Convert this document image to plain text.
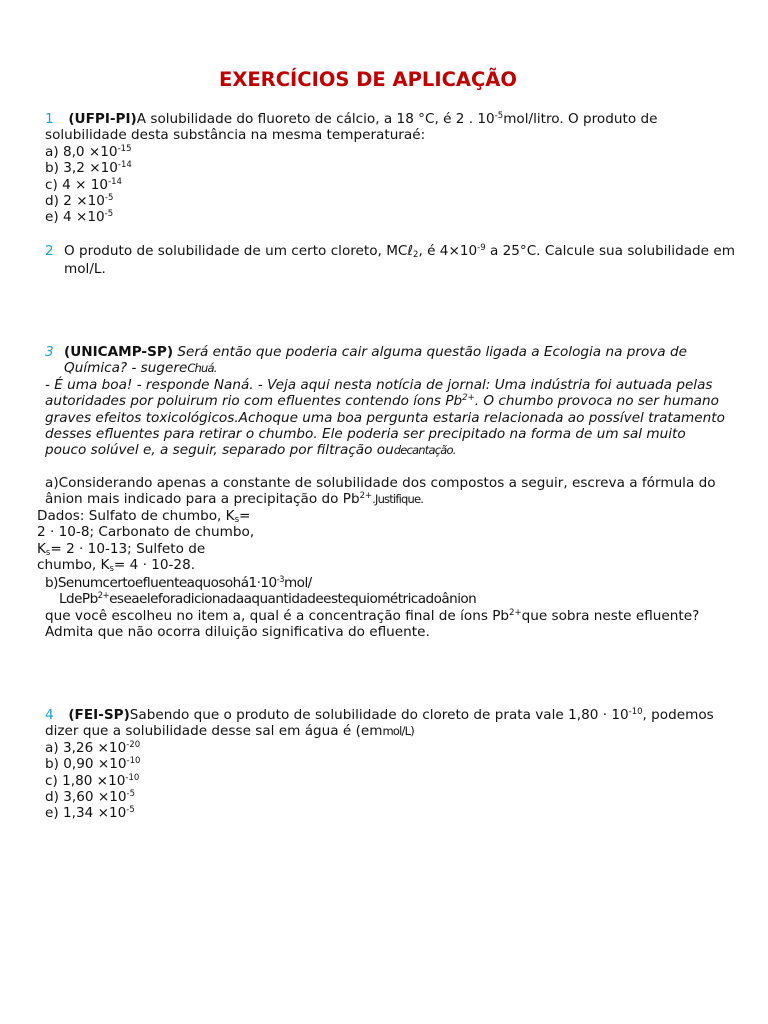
EXERCÍCIOS DE APLICAÇÃO
1 (UFPI-PI)A solubilidade do fluoreto de cálcio, a 18 °C, é 2 . $10^{-5}mol$/litro. O produto de
solubilidade desta substância na mesma temperaturaé:
a) $8,0 \times 10^{-15}$
b) $3,2 \times 10^{-14}$
c) $4 \times 10^{-14}$
d) $2 \times 10^{-5}$
e) $4 \times 10^{-5}$
2 O produto de solubilidade de um certo cloreto, MCℓ$_2$, é $4\times 10^{-9}$ a 25°C. Calcule sua solubilidade em
mol/L.
3 (UNICAMP-SP) Será então que poderia cair alguma questão ligada a Ecologia na prova de
Química? - sugereChuá.
- É uma boa! - responde Naná. - Veja aqui nesta notícia de jornal: Uma indústria foi autuada pelas
autoridades por poluirum rio com efluentes contendo íons $Pb^{2+}$. O chumbo provoca no ser humano
graves efeitos toxicológicos.Achoque uma boa pergunta estaria relacionada ao possível tratamento
desses efluentes para retirar o chumbo. Ele poderia ser precipitado na forma de um sal muito
pouco solúvel e, a seguir, separado por filtração oudecantação.
a)Considerando apenas a constante de solubilidade dos compostos a seguir, escreva a fórmula do
ânion mais indicado para a precipitação do $Pb^{2+}.Justifique$.
Dados: Sulfato de chumbo, $K_s=$
2 · 10-8; Carbonato de chumbo,
$K_s= 2 \cdot 10-13$; Sulfeto de
chumbo, $K_s= 4 \cdot 10-28$.
$b)Senumcertoefluenteaquosohá1\cdot 10^{-3}mol/$
LdePb$^{2+}$eseaeleforadicionadaaquantidadeestequiométricadoânion
que você escolheu no item a, qual é a concentração final de íons $Pb^{2+}que$ sobra neste efluente?
Admita que não ocorra diluição significativa do efluente.
4 (FEI-SP)Sabendo que o produto de solubilidade do cloreto de prata vale $1,80 \cdot 10^{-10}$, podemos
dizer que a solubilidade desse sal em água é (emmol/L)
a) $3,26 \times 10^{-20}$
b) $0,90 \times 10^{-10}$
c) $1,80 \times 10^{-10}$
d) $3,60 \times 10^{-5}$
e) $1,34 \times 10^{-5}$
